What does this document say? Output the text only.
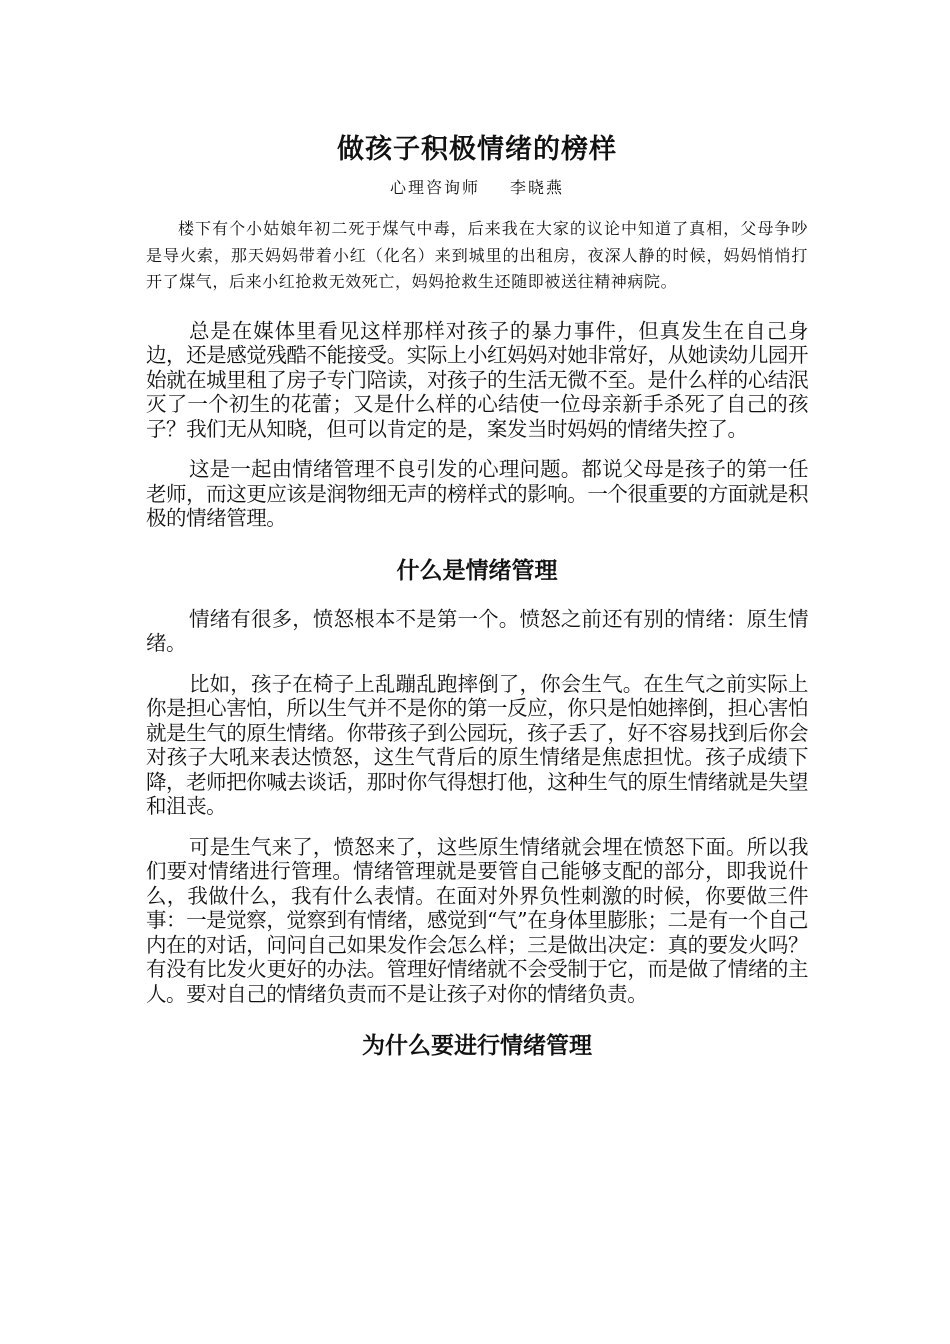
做孩子积极情绪的榜样
心理咨询师 李晓燕

楼下有个小姑娘年初二死于煤气中毒，后来我在大家的议论中知道了真相，父母争吵是导火索，那天妈妈带着小红（化名）来到城里的出租房，夜深人静的时候，妈妈悄悄打开了煤气，后来小红抢救无效死亡，妈妈抢救生还随即被送往精神病院。

总是在媒体里看见这样那样对孩子的暴力事件，但真发生在自己身边，还是感觉残酷不能接受。实际上小红妈妈对她非常好，从她读幼儿园开始就在城里租了房子专门陪读，对孩子的生活无微不至。是什么样的心结泯灭了一个初生的花蕾；又是什么样的心结使一位母亲新手杀死了自己的孩子？我们无从知晓，但可以肯定的是，案发当时妈妈的情绪失控了。

这是一起由情绪管理不良引发的心理问题。都说父母是孩子的第一任老师，而这更应该是润物细无声的榜样式的影响。一个很重要的方面就是积极的情绪管理。

什么是情绪管理

情绪有很多，愤怒根本不是第一个。愤怒之前还有别的情绪：原生情绪。

比如，孩子在椅子上乱蹦乱跑摔倒了，你会生气。在生气之前实际上你是担心害怕，所以生气并不是你的第一反应，你只是怕她摔倒，担心害怕就是生气的原生情绪。你带孩子到公园玩，孩子丢了，好不容易找到后你会对孩子大吼来表达愤怒，这生气背后的原生情绪是焦虑担忧。孩子成绩下降，老师把你喊去谈话，那时你气得想打他，这种生气的原生情绪就是失望和沮丧。

可是生气来了，愤怒来了，这些原生情绪就会埋在愤怒下面。所以我们要对情绪进行管理。情绪管理就是要管自己能够支配的部分，即我说什么，我做什么，我有什么表情。在面对外界负性刺激的时候，你要做三件事：一是觉察，觉察到有情绪，感觉到“气”在身体里膨胀；二是有一个自己内在的对话，问问自己如果发作会怎么样；三是做出决定：真的要发火吗？有没有比发火更好的办法。管理好情绪就不会受制于它，而是做了情绪的主人。要对自己的情绪负责而不是让孩子对你的情绪负责。

为什么要进行情绪管理
